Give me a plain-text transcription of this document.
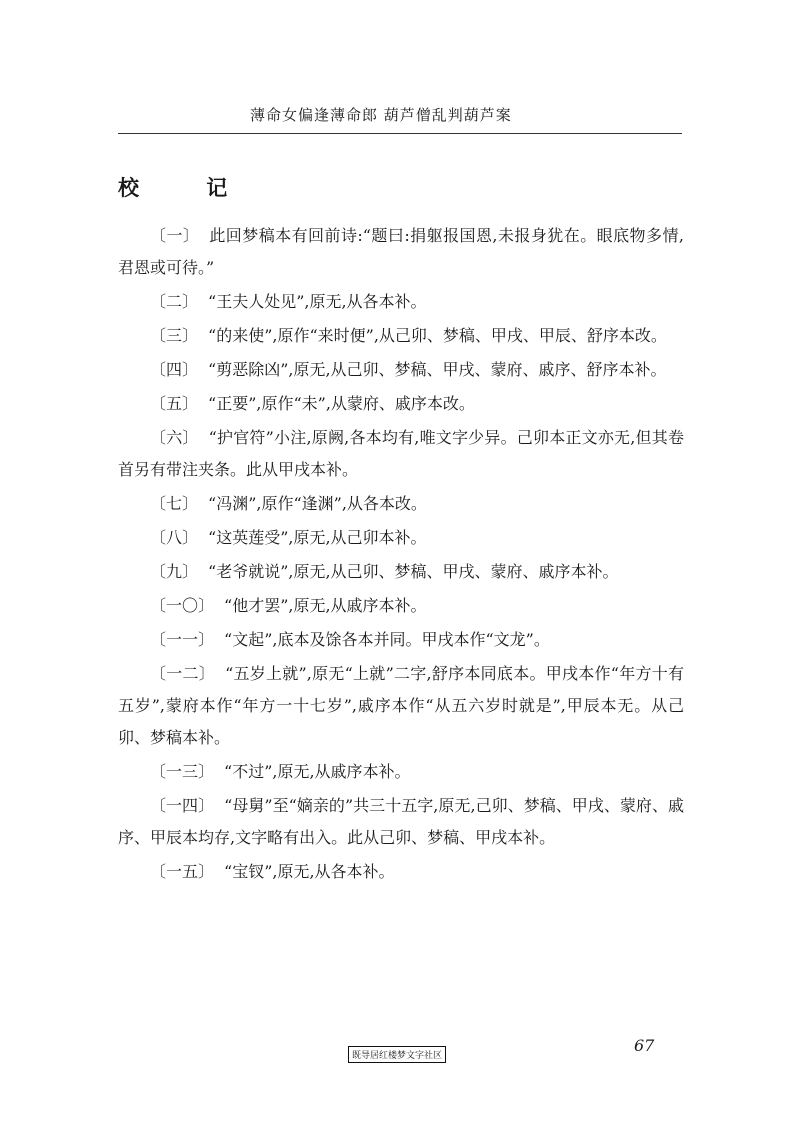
薄命女偏逢薄命郎 葫芦僧乱判葫芦案
校 记

〔一〕 此回梦稿本有回前诗:“题曰:捐躯报国恩,未报身犹在。眼底物多情,君恩或可待。”

〔二〕 “王夫人处见”,原无,从各本补。

〔三〕 “的来使”,原作“来时便”,从己卯、梦稿、甲戌、甲辰、舒序本改。

〔四〕 “剪恶除凶”,原无,从己卯、梦稿、甲戌、蒙府、戚序、舒序本补。

〔五〕 “正要”,原作“未”,从蒙府、戚序本改。

〔六〕 “护官符”小注,原阙,各本均有,唯文字少异。己卯本正文亦无,但其卷首另有带注夹条。此从甲戌本补。

〔七〕 “冯渊”,原作“逢渊”,从各本改。

〔八〕 “这英莲受”,原无,从己卯本补。

〔九〕 “老爷就说”,原无,从己卯、梦稿、甲戌、蒙府、戚序本补。

〔一〇〕 “他才罢”,原无,从戚序本补。

〔一一〕 “文起”,底本及馀各本并同。甲戌本作“文龙”。

〔一二〕 “五岁上就”,原无“上就”二字,舒序本同底本。甲戌本作“年方十有五岁”,蒙府本作“年方一十七岁”,戚序本作“从五六岁时就是”,甲辰本无。从己卯、梦稿本补。

〔一三〕 “不过”,原无,从戚序本补。

〔一四〕 “母舅”至“嫡亲的”共三十五字,原无,己卯、梦稿、甲戌、蒙府、戚序、甲辰本均存,文字略有出入。此从己卯、梦稿、甲戌本补。

〔一五〕 “宝钗”,原无,从各本补。

67
既导居红楼梦文字社区
